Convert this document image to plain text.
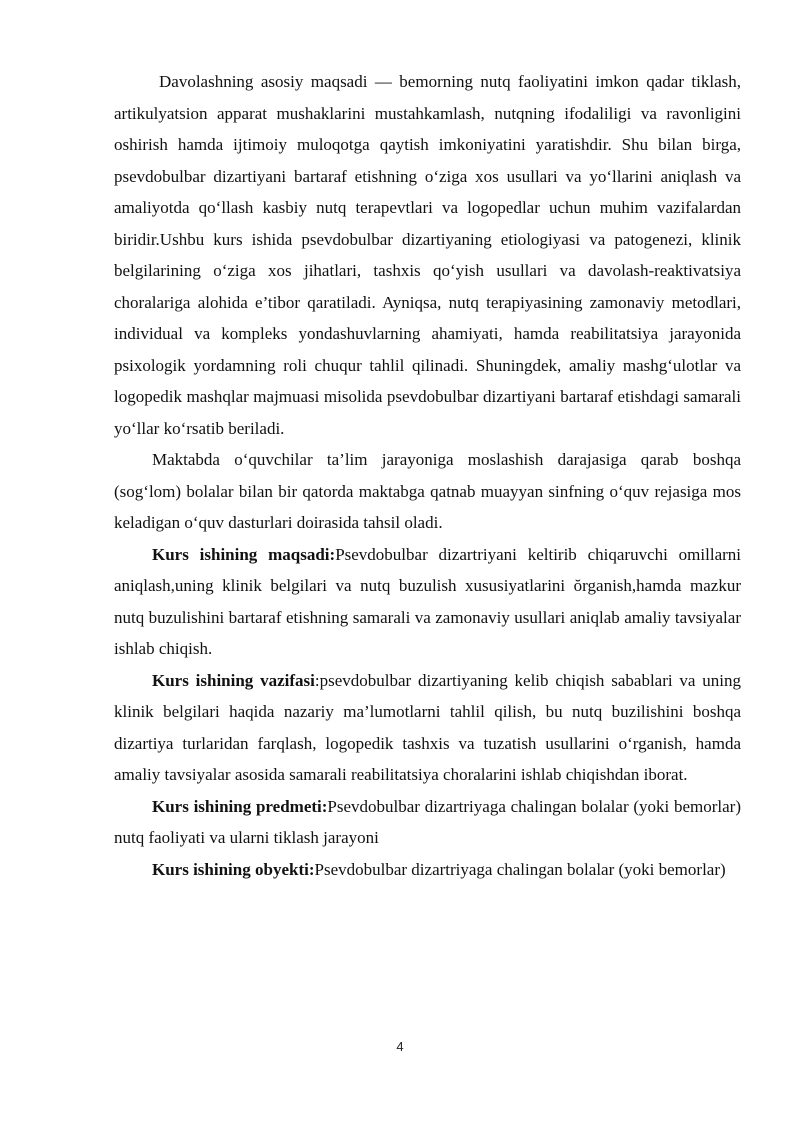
Davolashning asosiy maqsadi — bemorning nutq faoliyatini imkon qadar tiklash, artikulyatsion apparat mushaklarini mustahkamlash, nutqning ifodaliligi va ravonligini oshirish hamda ijtimoiy muloqotga qaytish imkoniyatini yaratishdir. Shu bilan birga, psevdobulbar dizartiyani bartaraf etishning o‘ziga xos usullari va yo‘llarini aniqlash va amaliyotda qo‘llash kasbiy nutq terapevtlari va logopedlar uchun muhim vazifalardan biridir.Ushbu kurs ishida psevdobulbar dizartiyaning etiologiyasi va patogenezi, klinik belgilarining o‘ziga xos jihatlari, tashxis qo‘yish usullari va davolash-reaktivatsiya choralariga alohida e’tibor qaratiladi. Ayniqsa, nutq terapiyasining zamonaviy metodlari, individual va kompleks yondashuvlarning ahamiyati, hamda reabilitatsiya jarayonida psixologik yordamning roli chuqur tahlil qilinadi. Shuningdek, amaliy mashg‘ulotlar va logopedik mashqlar majmuasi misolida psevdobulbar dizartiyani bartaraf etishdagi samarali yo‘llar ko‘rsatib beriladi.

Maktabda o‘quvchilar ta’lim jarayoniga moslashish darajasiga qarab boshqa (sog‘lom) bolalar bilan bir qatorda maktabga qatnab muayyan sinfning o‘quv rejasiga mos keladigan o‘quv dasturlari doirasida tahsil oladi.

Kurs ishining maqsadi:Psevdobulbar dizartriyani keltirib chiqaruvchi omillarni aniqlash,uning klinik belgilari va nutq buzulish xususiyatlarini ŏrganish,hamda mazkur nutq buzulishini bartaraf etishning samarali va zamonaviy usullari aniqlab amaliy tavsiyalar ishlab chiqish.

Kurs ishining vazifasi:psevdobulbar dizartiyaning kelib chiqish sabablari va uning klinik belgilari haqida nazariy ma’lumotlarni tahlil qilish, bu nutq buzilishini boshqa dizartiya turlaridan farqlash, logopedik tashxis va tuzatish usullarini o‘rganish, hamda amaliy tavsiyalar asosida samarali reabilitatsiya choralarini ishlab chiqishdan iborat.

Kurs ishining predmeti:Psevdobulbar dizartriyaga chalingan bolalar (yoki bemorlar) nutq faoliyati va ularni tiklash jarayoni

Kurs ishining obyekti:Psevdobulbar dizartriyaga chalingan bolalar (yoki bemorlar)

4
